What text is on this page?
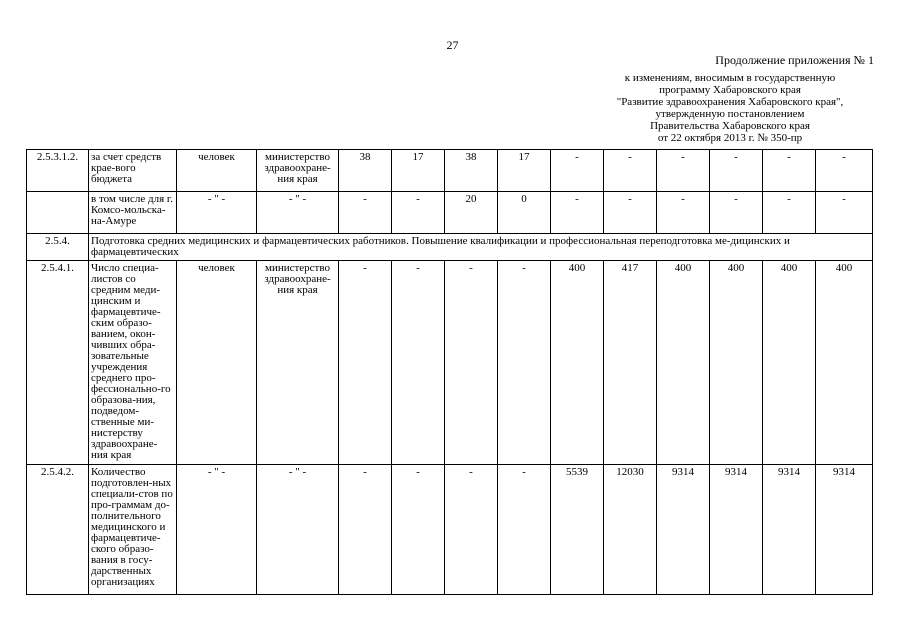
27
Продолжение приложения № 1
к изменениям, вносимым в государственную
программу Хабаровского края
"Развитие здравоохранения Хабаровского края",
утвержденную постановлением
Правительства Хабаровского края
от 22 октября 2013 г. № 350-пр
2.5.3.1.2.	за счет средств крае-вого бюджета	человек	министерство здравоохране-ния края	38	17	38	17	-	-	-	-	-	-
	в том числе для г. Комсо-мольска-на-Амуре	- " -	- " -	-	-	20	0	-	-	-	-	-	-
2.5.4.	Подготовка средних медицинских и фармацевтических работников. Повышение квалификации и профессиональная переподготовка ме-дицинских и фармацевтических												
2.5.4.1.	Число специа-листов со средним меди-цинским и фармацевтиче-ским образо-ванием, окон-чивших обра-зовательные учреждения среднего про-фессионально-го образова-ния, подведом-ственные ми-нистерству здравоохране-ния края	человек	министерство здравоохране-ния края	-	-	-	-	400	417	400	400	400	400
2.5.4.2.	Количество подготовлен-ных специали-стов по про-граммам до-полнительного медицинского и фармацевтиче-ского образо-вания в госу-дарственных организациях	- " -	- " -	-	-	-	-	5539	12030	9314	9314	9314	9314
